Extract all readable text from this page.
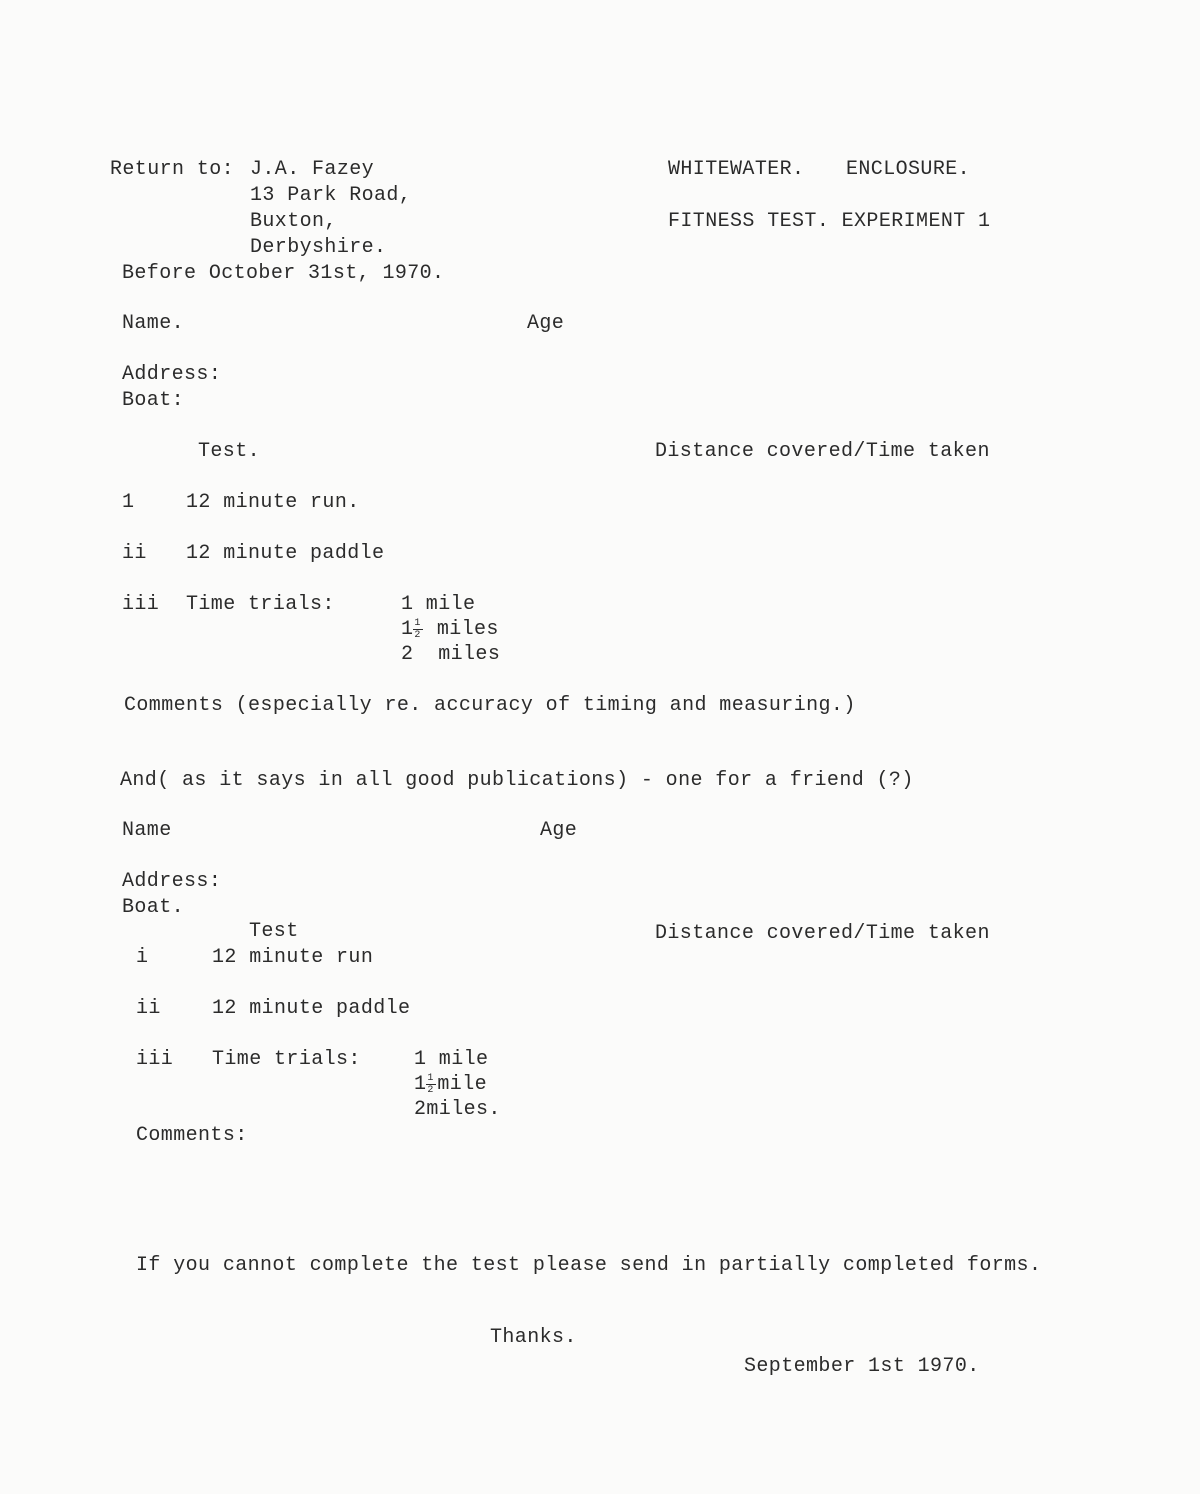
Return to: J.A. Fazey
13 Park Road,
Buxton,
Derbyshire.
Before October 31st, 1970.
WHITEWATER. ENCLOSURE.
FITNESS TEST. EXPERIMENT 1
Name.	Age
Address:
Boat:
Test.	Distance covered/Time taken
1	12 minute run.
ii 12 minute paddle
iii Time trials:	1 mile
$1 \frac{1}{2}$ miles
2  miles
Comments (especially re. accuracy of timing and measuring.)
And( as it says in all good publications) - one for a friend (?)
Name	Age
Address:
Boat.
Test	Distance covered/Time taken
i	12 minute run
ii	12 minute paddle
iii Time trials:	1 mile
$1 \frac{1}{2}$ mile
2miles.
Comments:
If you cannot complete the test please send in partially completed forms.
Thanks.
September 1st 1970.
